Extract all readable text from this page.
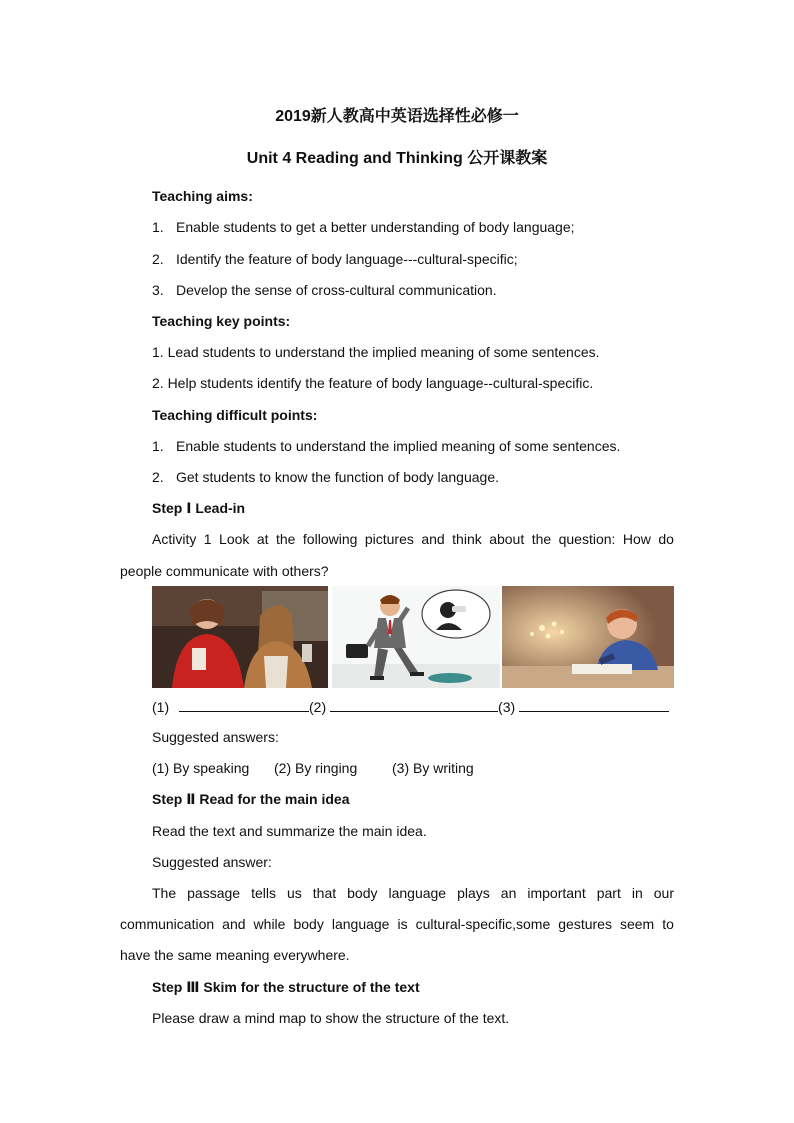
2019新人教高中英语选择性必修一
Unit 4 Reading and Thinking 公开课教案
Teaching aims:
1. Enable students to get a better understanding of body language;
2. Identify the feature of body language---cultural-specific;
3. Develop the sense of cross-cultural communication.
Teaching key points:
1. Lead students to understand the implied meaning of some sentences.
2. Help students identify the feature of body language--cultural-specific.
Teaching difficult points:
1. Enable students to understand the implied meaning of some sentences.
2. Get students to know the function of body language.
Step Ⅰ Lead-in
Activity 1 Look at the following pictures and think about the question: How do
people communicate with others?
(1)	(2)	(3)
Suggested answers:
(1) By speaking (2) By ringing (3) By writing
Step Ⅱ Read for the main idea
Read the text and summarize the main idea.
Suggested answer:
The passage tells us that body language plays an important part in our
communication and while body language is cultural-specific,some gestures seem to
have the same meaning everywhere.
Step Ⅲ Skim for the structure of the text
Please draw a mind map to show the structure of the text.
